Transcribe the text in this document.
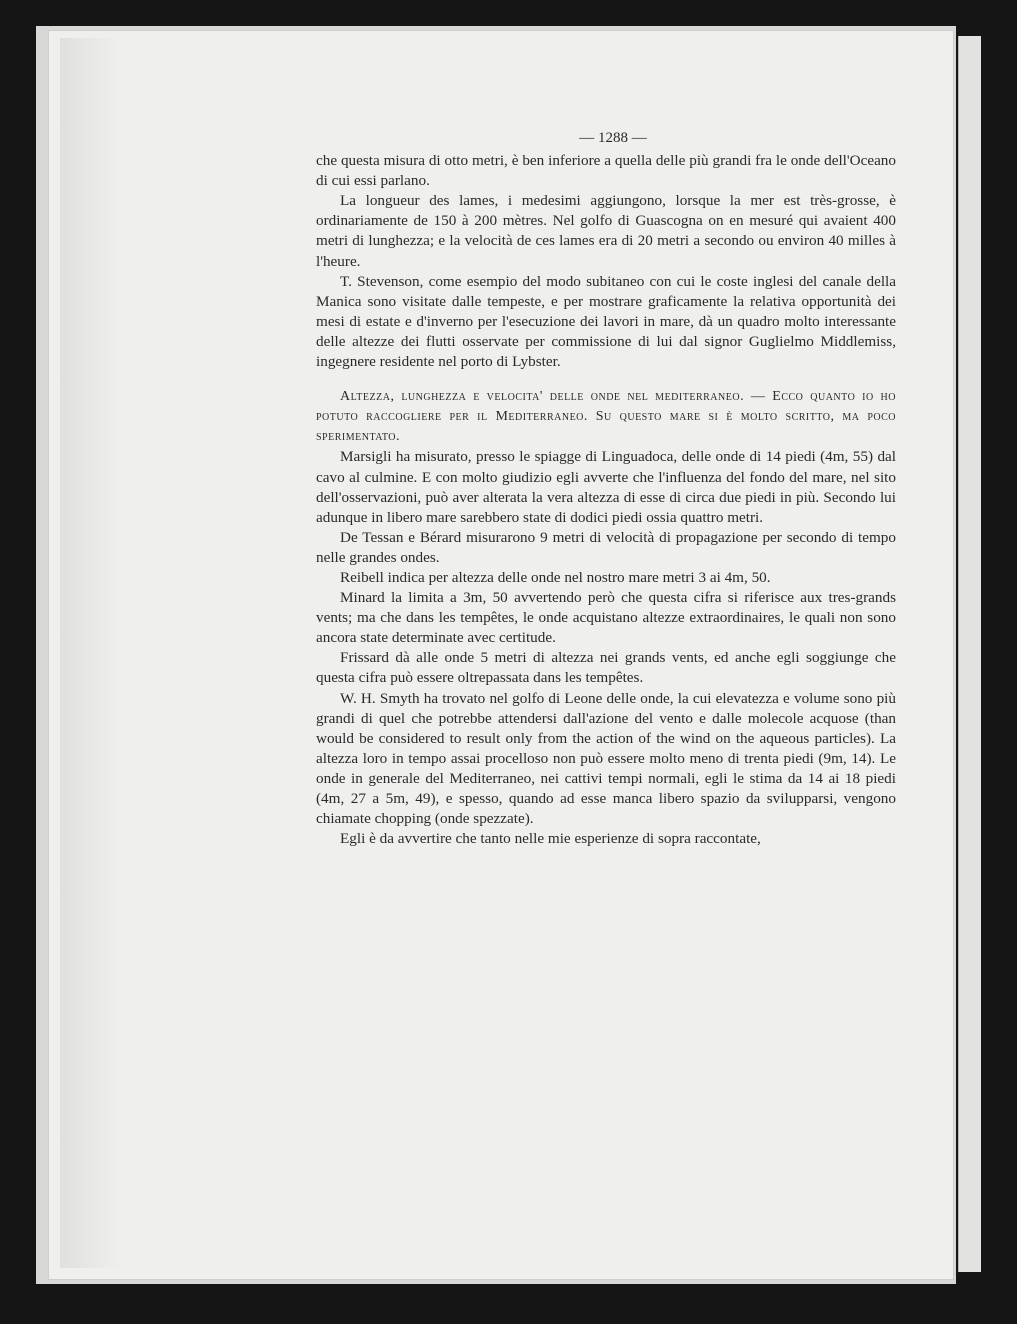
— 1288 —

che questa misura di otto metri, è ben inferiore a quella delle più grandi fra le onde dell'Oceano di cui essi parlano.

La longueur des lames, i medesimi aggiungono, lorsque la mer est très-grosse, è ordinariamente de 150 à 200 mètres. Nel golfo di Guascogna on en mesuré qui avaient 400 metri di lunghezza; e la velocità de ces lames era di 20 metri a secondo ou environ 40 milles à l'heure.

T. Stevenson, come esempio del modo subitaneo con cui le coste inglesi del canale della Manica sono visitate dalle tempeste, e per mostrare graficamente la relativa opportunità dei mesi di estate e d'inverno per l'esecuzione dei lavori in mare, dà un quadro molto interessante delle altezze dei flutti osservate per commissione di lui dal signor Guglielmo Middlemiss, ingegnere residente nel porto di Lybster.

Altezza, lunghezza e velocita' delle onde nel mediterraneo. — Ecco quanto io ho potuto raccogliere per il Mediterraneo. Su questo mare si è molto scritto, ma poco sperimentato.

Marsigli ha misurato, presso le spiagge di Linguadoca, delle onde di 14 piedi (4m, 55) dal cavo al culmine. E con molto giudizio egli avverte che l'influenza del fondo del mare, nel sito dell'osservazioni, può aver alterata la vera altezza di esse di circa due piedi in più. Secondo lui adunque in libero mare sarebbero state di dodici piedi ossia quattro metri.

De Tessan e Bérard misurarono 9 metri di velocità di propagazione per secondo di tempo nelle grandes ondes.

Reibell indica per altezza delle onde nel nostro mare metri 3 ai 4m, 50.

Minard la limita a 3m, 50 avvertendo però che questa cifra si riferisce aux tres-grands vents; ma che dans les tempêtes, le onde acquistano altezze extraordinaires, le quali non sono ancora state determinate avec certitude.

Frissard dà alle onde 5 metri di altezza nei grands vents, ed anche egli soggiunge che questa cifra può essere oltrepassata dans les tempêtes.

W. H. Smyth ha trovato nel golfo di Leone delle onde, la cui elevatezza e volume sono più grandi di quel che potrebbe attendersi dall'azione del vento e dalle molecole acquose (than would be considered to result only from the action of the wind on the aqueous particles). La altezza loro in tempo assai procelloso non può essere molto meno di trenta piedi (9m, 14). Le onde in generale del Mediterraneo, nei cattivi tempi normali, egli le stima da 14 ai 18 piedi (4m, 27 a 5m, 49), e spesso, quando ad esse manca libero spazio da svilupparsi, vengono chiamate chopping (onde spezzate).

Egli è da avvertire che tanto nelle mie esperienze di sopra raccontate,
